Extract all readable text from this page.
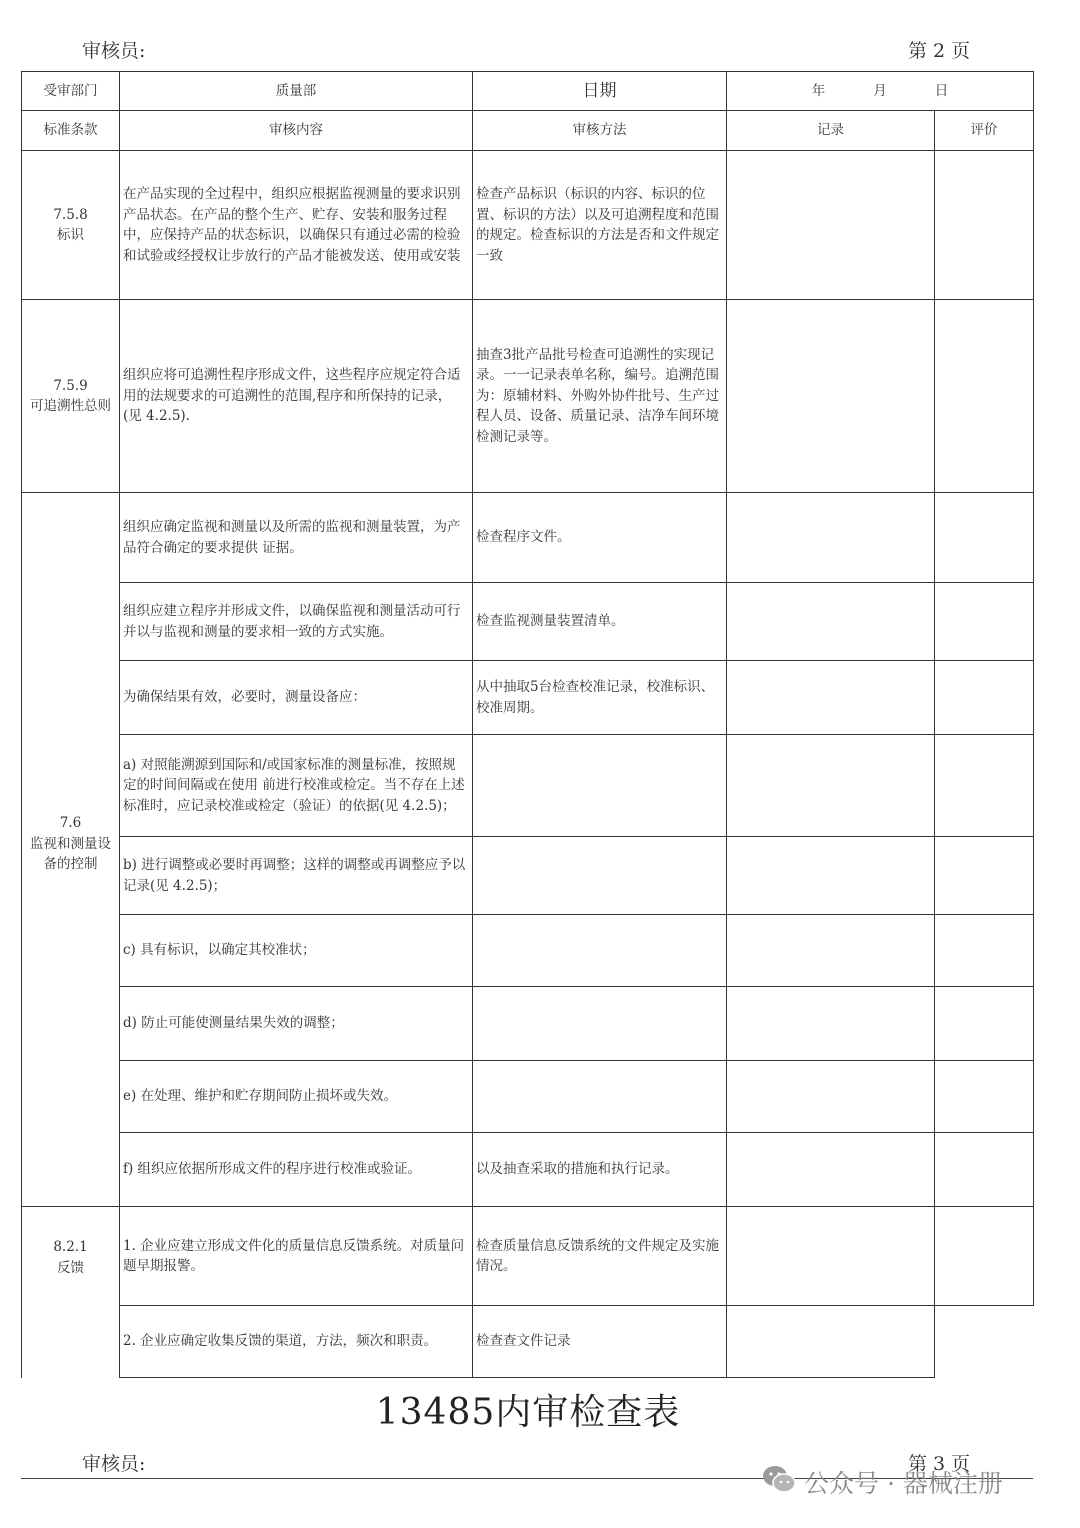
审核员:	第 2 页
受审部门	质量部	日期	年 月 日	
标准条款	审核内容	审核方法	记录	评价

7.5.8
标识	在产品实现的全过程中，组织应根据监视测量的要求识别产品状态。在产品的整个生产、贮存、安装和服务过程中，应保持产品的状态标识，以确保只有通过必需的检验和试验或经授权让步放行的产品才能被发送、使用或安装	检查产品标识（标识的内容、标识的位置、标识的方法）以及可追溯程度和范围的规定。检查标识的方法是否和文件规定一致		

7.5.9
可追溯性总则	组织应将可追溯性程序形成文件，这些程序应规定符合适用的法规要求的可追溯性的范围,程序和所保持的记录，(见 4.2.5).	抽查3批产品批号检查可追溯性的实现记录。一一记录表单名称，编号。追溯范围为：原辅材料、外购外协件批号、生产过程人员、设备、质量记录、洁净车间环境检测记录等。		

7.6
监视和测量设备的控制	组织应确定监视和测量以及所需的监视和测量装置，为产品符合确定的要求提供 证据。	检查程序文件。		
	组织应建立程序并形成文件，以确保监视和测量活动可行并以与监视和测量的要求相一致的方式实施。	检查监视测量装置清单。		
	为确保结果有效，必要时，测量设备应：	从中抽取5台检查校准记录，校准标识、校准周期。		
	a) 对照能溯源到国际和/或国家标准的测量标准，按照规定的时间间隔或在使用 前进行校准或检定。当不存在上述标准时，应记录校准或检定（验证）的依据(见 4.2.5)；			
	b) 进行调整或必要时再调整；这样的调整或再调整应予以记录(见 4.2.5)；			
	c) 具有标识，以确定其校准状；			
	d) 防止可能使测量结果失效的调整；			
	e) 在处理、维护和贮存期间防止损坏或失效。			
	f) 组织应依据所形成文件的程序进行校准或验证。	以及抽查采取的措施和执行记录。		

8.2.1
反馈	1. 企业应建立形成文件化的质量信息反馈系统。对质量问题早期报警。	检查质量信息反馈系统的文件规定及实施情况。		
	2. 企业应确定收集反馈的渠道，方法，频次和职责。	检查查文件记录		
13485内审检查表
审核员:	第 3 页
公众号 · 器械注册
